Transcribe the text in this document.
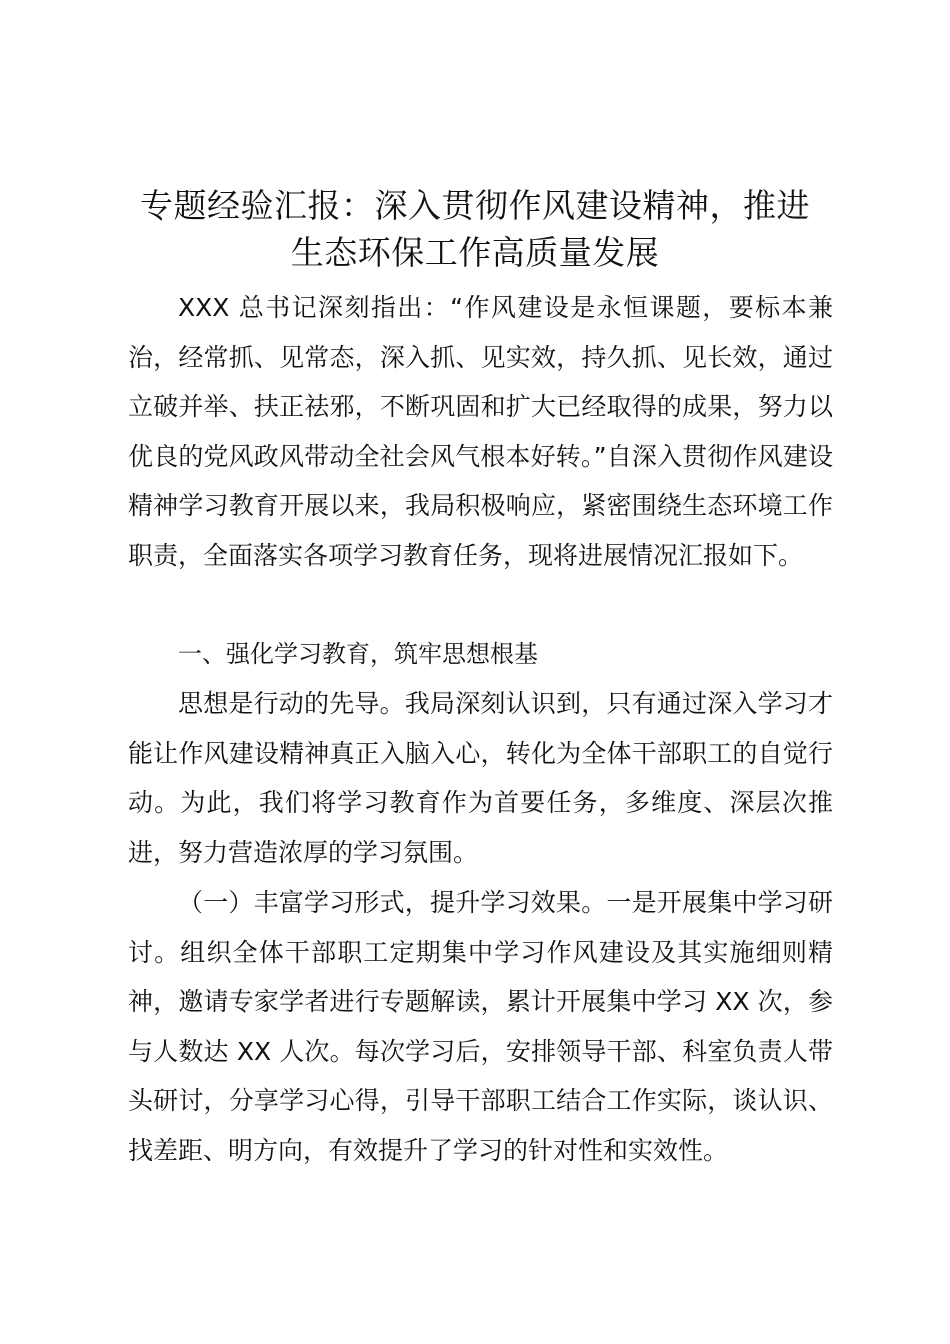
专题经验汇报：深入贯彻作风建设精神，推进
生态环保工作高质量发展

XXX 总书记深刻指出：“作风建设是永恒课题，要标本兼治，经常抓、见常态，深入抓、见实效，持久抓、见长效，通过立破并举、扶正祛邪，不断巩固和扩大已经取得的成果，努力以优良的党风政风带动全社会风气根本好转。”自深入贯彻作风建设精神学习教育开展以来，我局积极响应，紧密围绕生态环境工作职责，全面落实各项学习教育任务，现将进展情况汇报如下。

一、强化学习教育，筑牢思想根基

思想是行动的先导。我局深刻认识到，只有通过深入学习才能让作风建设精神真正入脑入心，转化为全体干部职工的自觉行动。为此，我们将学习教育作为首要任务，多维度、深层次推进，努力营造浓厚的学习氛围。

（一）丰富学习形式，提升学习效果。一是开展集中学习研讨。组织全体干部职工定期集中学习作风建设及其实施细则精神，邀请专家学者进行专题解读，累计开展集中学习 XX 次，参与人数达 XX 人次。每次学习后，安排领导干部、科室负责人带头研讨，分享学习心得，引导干部职工结合工作实际，谈认识、找差距、明方向，有效提升了学习的针对性和实效性。
